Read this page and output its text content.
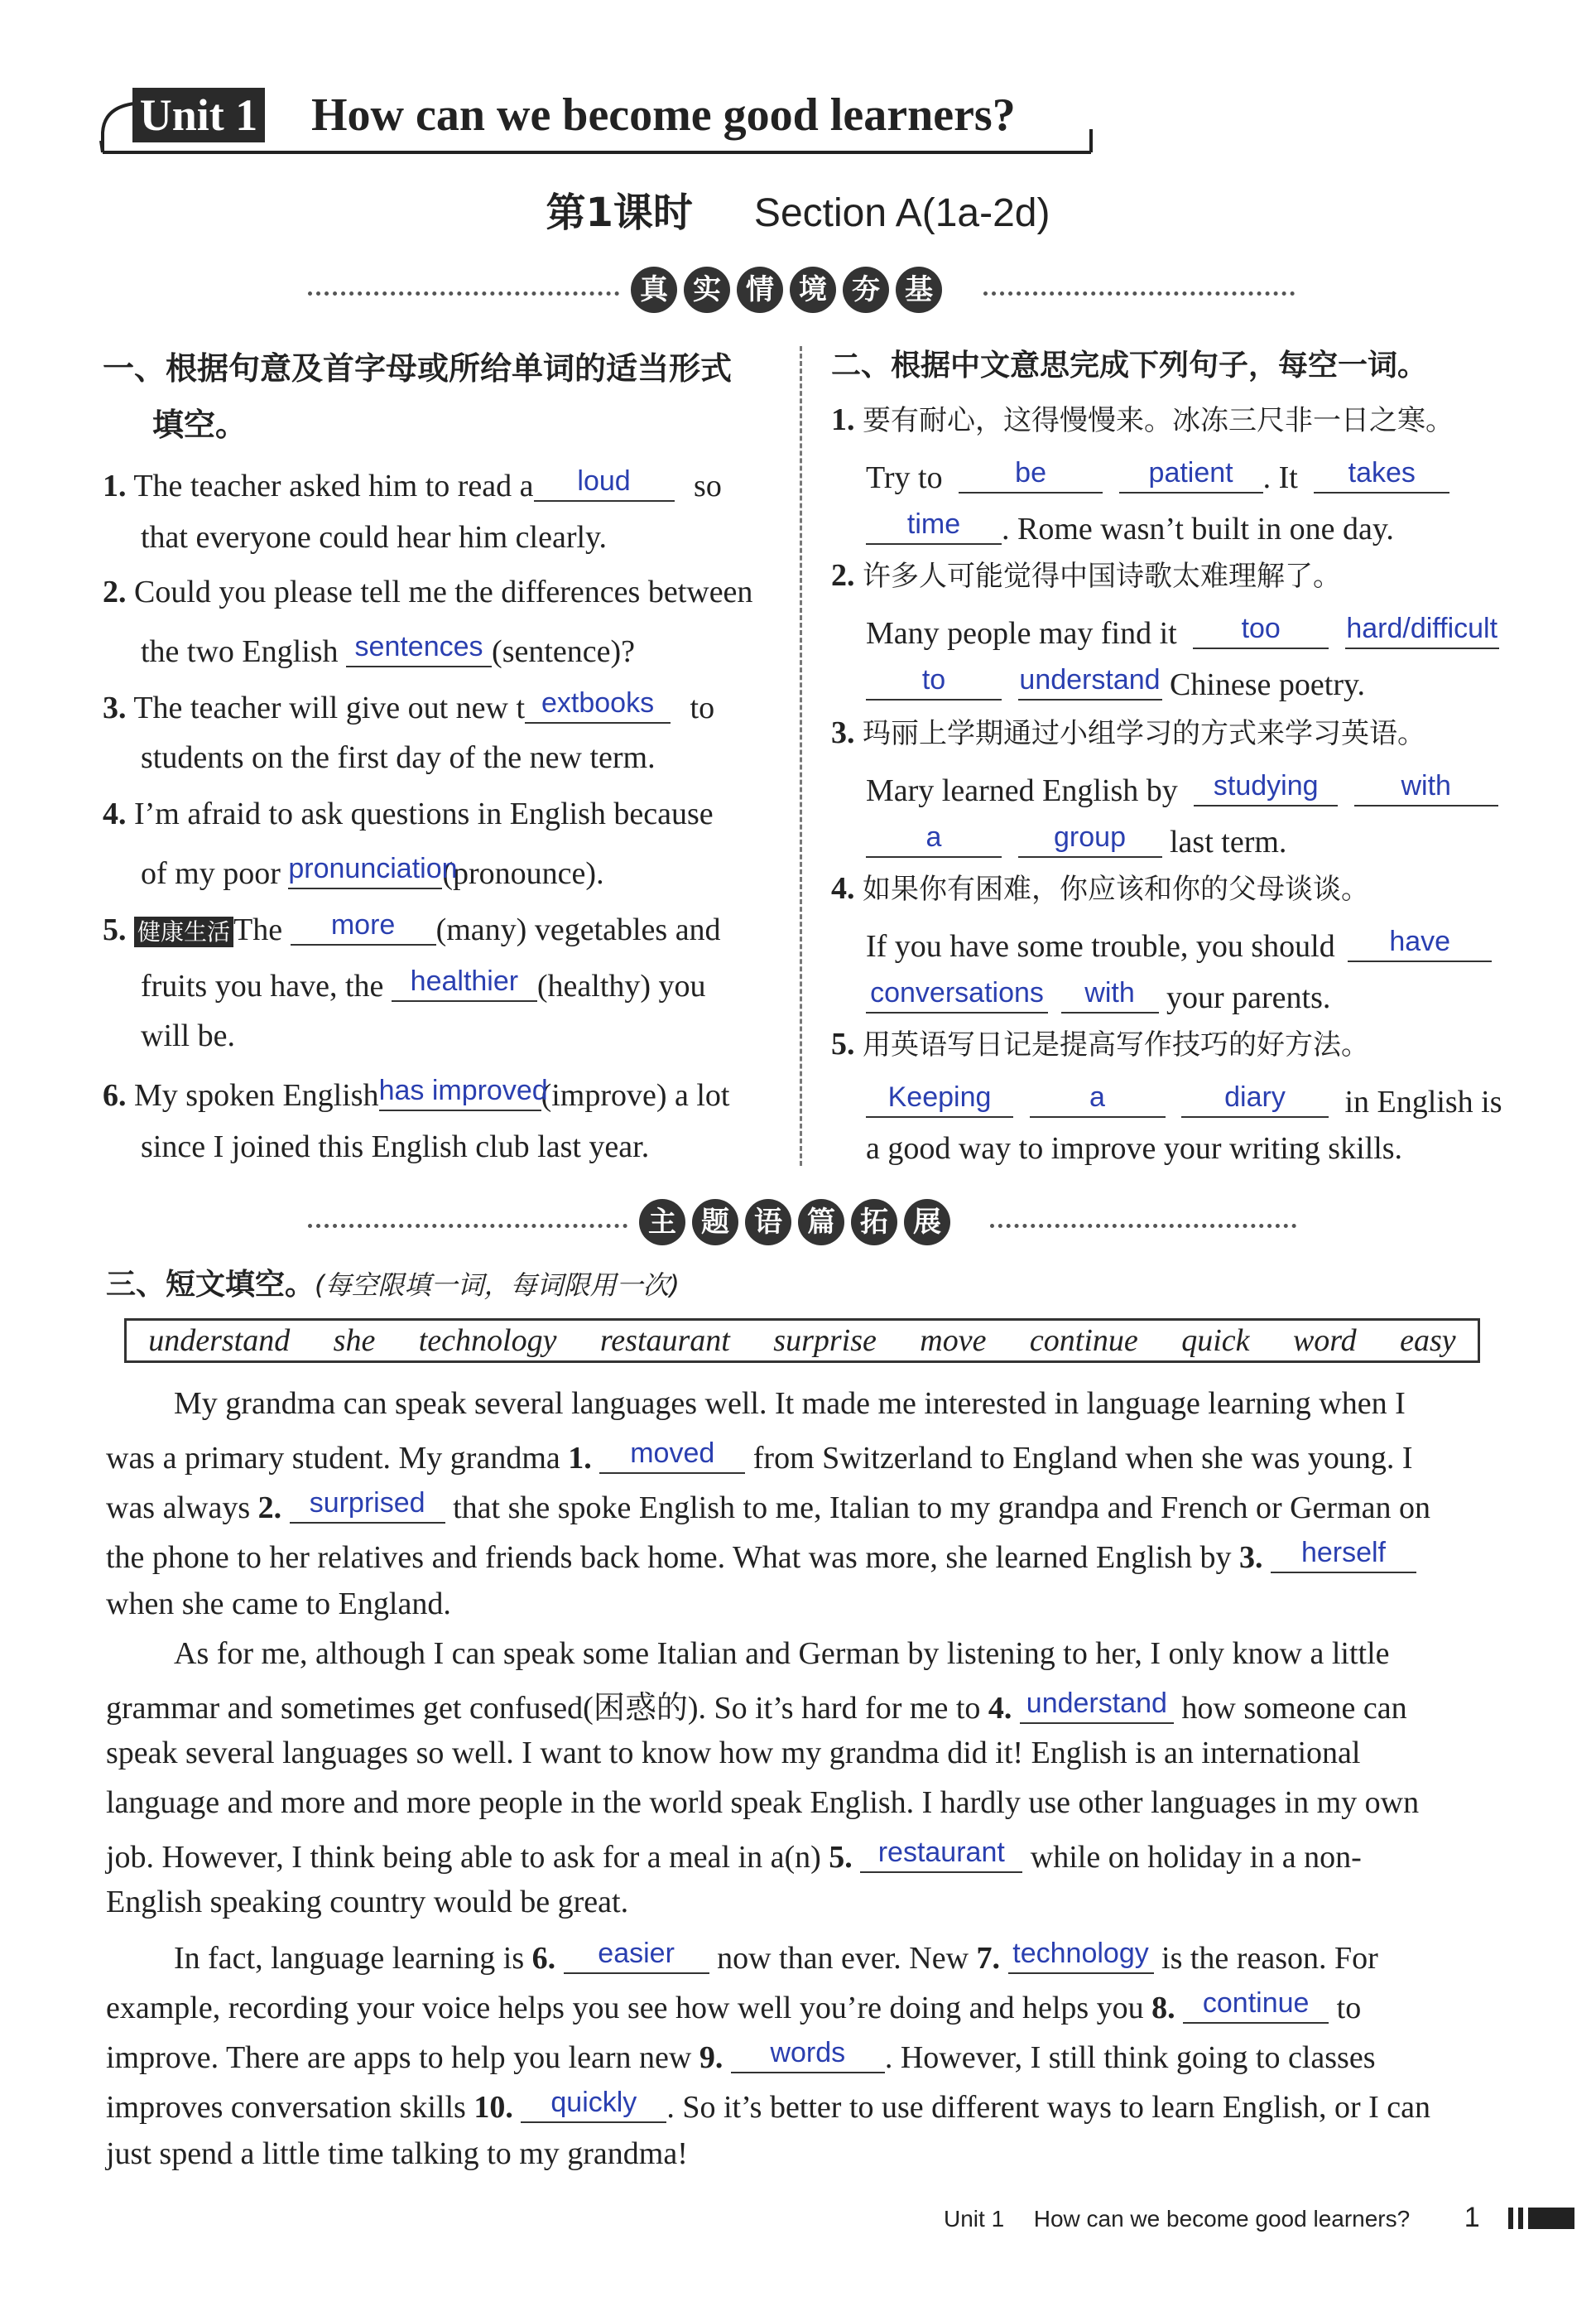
Unit 1 How can we become good learners?
第1课时 Section A(1a-2d)
真 实 情 境 夯 基
一、根据句意及首字母或所给单词的适当形式
填空。
1. The teacher asked him to read a	loud	so
that everyone could hear him clearly.
2. Could you please tell me the differences between
the two English sentences (sentence)?
3. The teacher will give out new t extbooks	to
students on the first day of the new term.
4. I’m afraid to ask questions in English because
of my poor pronunciation
(pronounce).
5. 健康生活 The	more	(many) vegetables and
fruits you have, the healthier (healthy) you
will be.
6. My spoken English has improved
(improve) a lot
since I joined this English club last year.
二、根据中文意思完成下列句子，每空一词。
1. 要有耐心，这得慢慢来。冰冻三尺非一日之寒。
Try to	be
	patient . It	takes
time	. Rome wasn’t built in one day.
2. 许多人可能觉得中国诗歌太难理解了。
Many people may find it	too
	hard/difficult
to
	understand Chinese poetry.
3. 玛丽上学期通过小组学习的方式来学习英语。
Mary learned English by	studying
	with
a
	group	last term.
4. 如果你有困难，你应该和你的父母谈谈。
If you have some trouble, you should	have
conversations
	with	your parents.
5. 用英语写日记是提高写作技巧的好方法。
Keeping
	a
	diary	in English is
a good way to improve your writing skills.
主 题 语 篇 拓 展
三、短文填空。(每空限填一词，每词限用一次)
understand she technology restaurant surprise move continue quick word easy
My grandma can speak several languages well. It made me interested in language learning when I
was a primary student. My grandma 1.	moved	from Switzerland to England when she was young. I
was always 2. surprised that she spoke English to me, Italian to my grandpa and French or German on
the phone to her relatives and friends back home. What was more, she learned English by 3.	herself
when she came to England.
As for me, although I can speak some Italian and German by listening to her, I only know a little
grammar and sometimes get confused(困惑的). So it’s hard for me to 4. understand how someone can
speak several languages so well. I want to know how my grandma did it! English is an international
language and more and more people in the world speak English. I hardly use other languages in my own
job. However, I think being able to ask for a meal in a(n) 5. restaurant while on holiday in a non-
English speaking country would be great.
In fact, language learning is 6.	easier	now than ever. New 7. technology is the reason. For
example, recording your voice helps you see how well you’re doing and helps you 8. continue to
improve. There are apps to help you learn new 9.	words	. However, I still think going to classes
improves conversation skills 10.	quickly . So it’s better to use different ways to learn English, or I can
just spend a little time talking to my grandma!
Unit 1 How can we become good learners? 1
